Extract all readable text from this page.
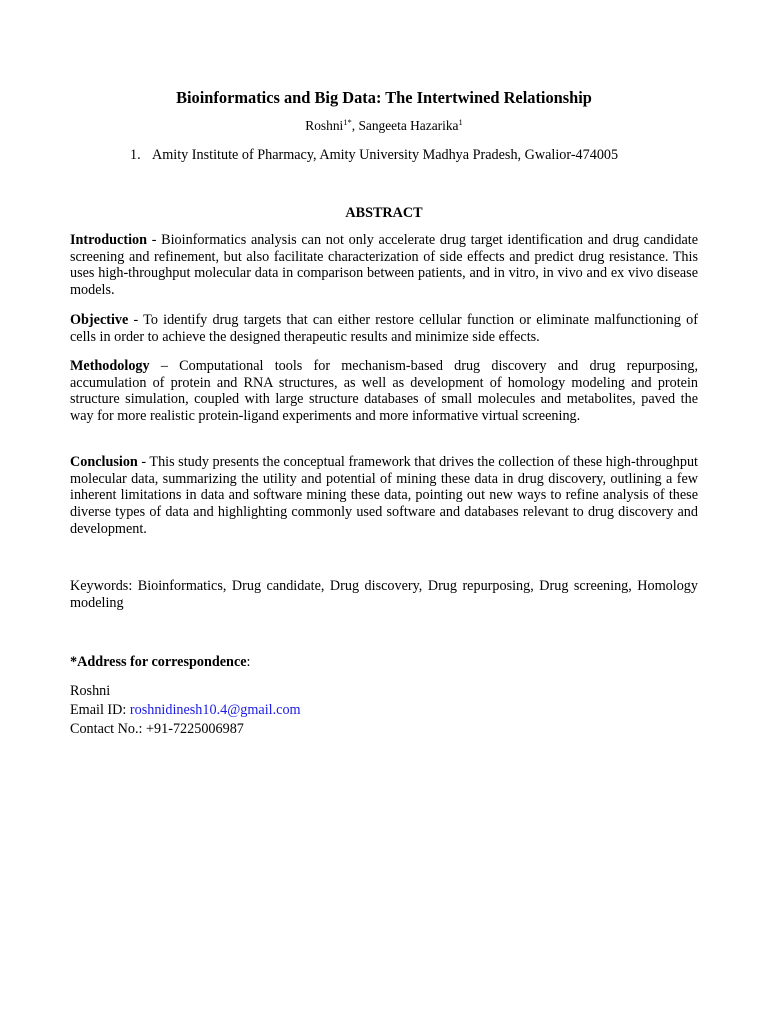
Bioinformatics and Big Data: The Intertwined Relationship
Roshni$^{1*}$, Sangeeta Hazarika$^1$
1. Amity Institute of Pharmacy, Amity University Madhya Pradesh, Gwalior-474005
ABSTRACT
Introduction - Bioinformatics analysis can not only accelerate drug target identification and drug candidate screening and refinement, but also facilitate characterization of side effects and predict drug resistance. This uses high-throughput molecular data in comparison between patients, and in vitro, in vivo and ex vivo disease models.
Objective - To identify drug targets that can either restore cellular function or eliminate malfunctioning of cells in order to achieve the designed therapeutic results and minimize side effects.
Methodology – Computational tools for mechanism-based drug discovery and drug repurposing, accumulation of protein and RNA structures, as well as development of homology modeling and protein structure simulation, coupled with large structure databases of small molecules and metabolites, paved the way for more realistic protein-ligand experiments and more informative virtual screening.
Conclusion - This study presents the conceptual framework that drives the collection of these high-throughput molecular data, summarizing the utility and potential of mining these data in drug discovery, outlining a few inherent limitations in data and software mining these data, pointing out new ways to refine analysis of these diverse types of data and highlighting commonly used software and databases relevant to drug discovery and development.
Keywords: Bioinformatics, Drug candidate, Drug discovery, Drug repurposing, Drug screening, Homology modeling
*Address for correspondence:
Roshni
Email ID: roshnidinesh10.4@gmail.com
Contact No.: +91-7225006987
